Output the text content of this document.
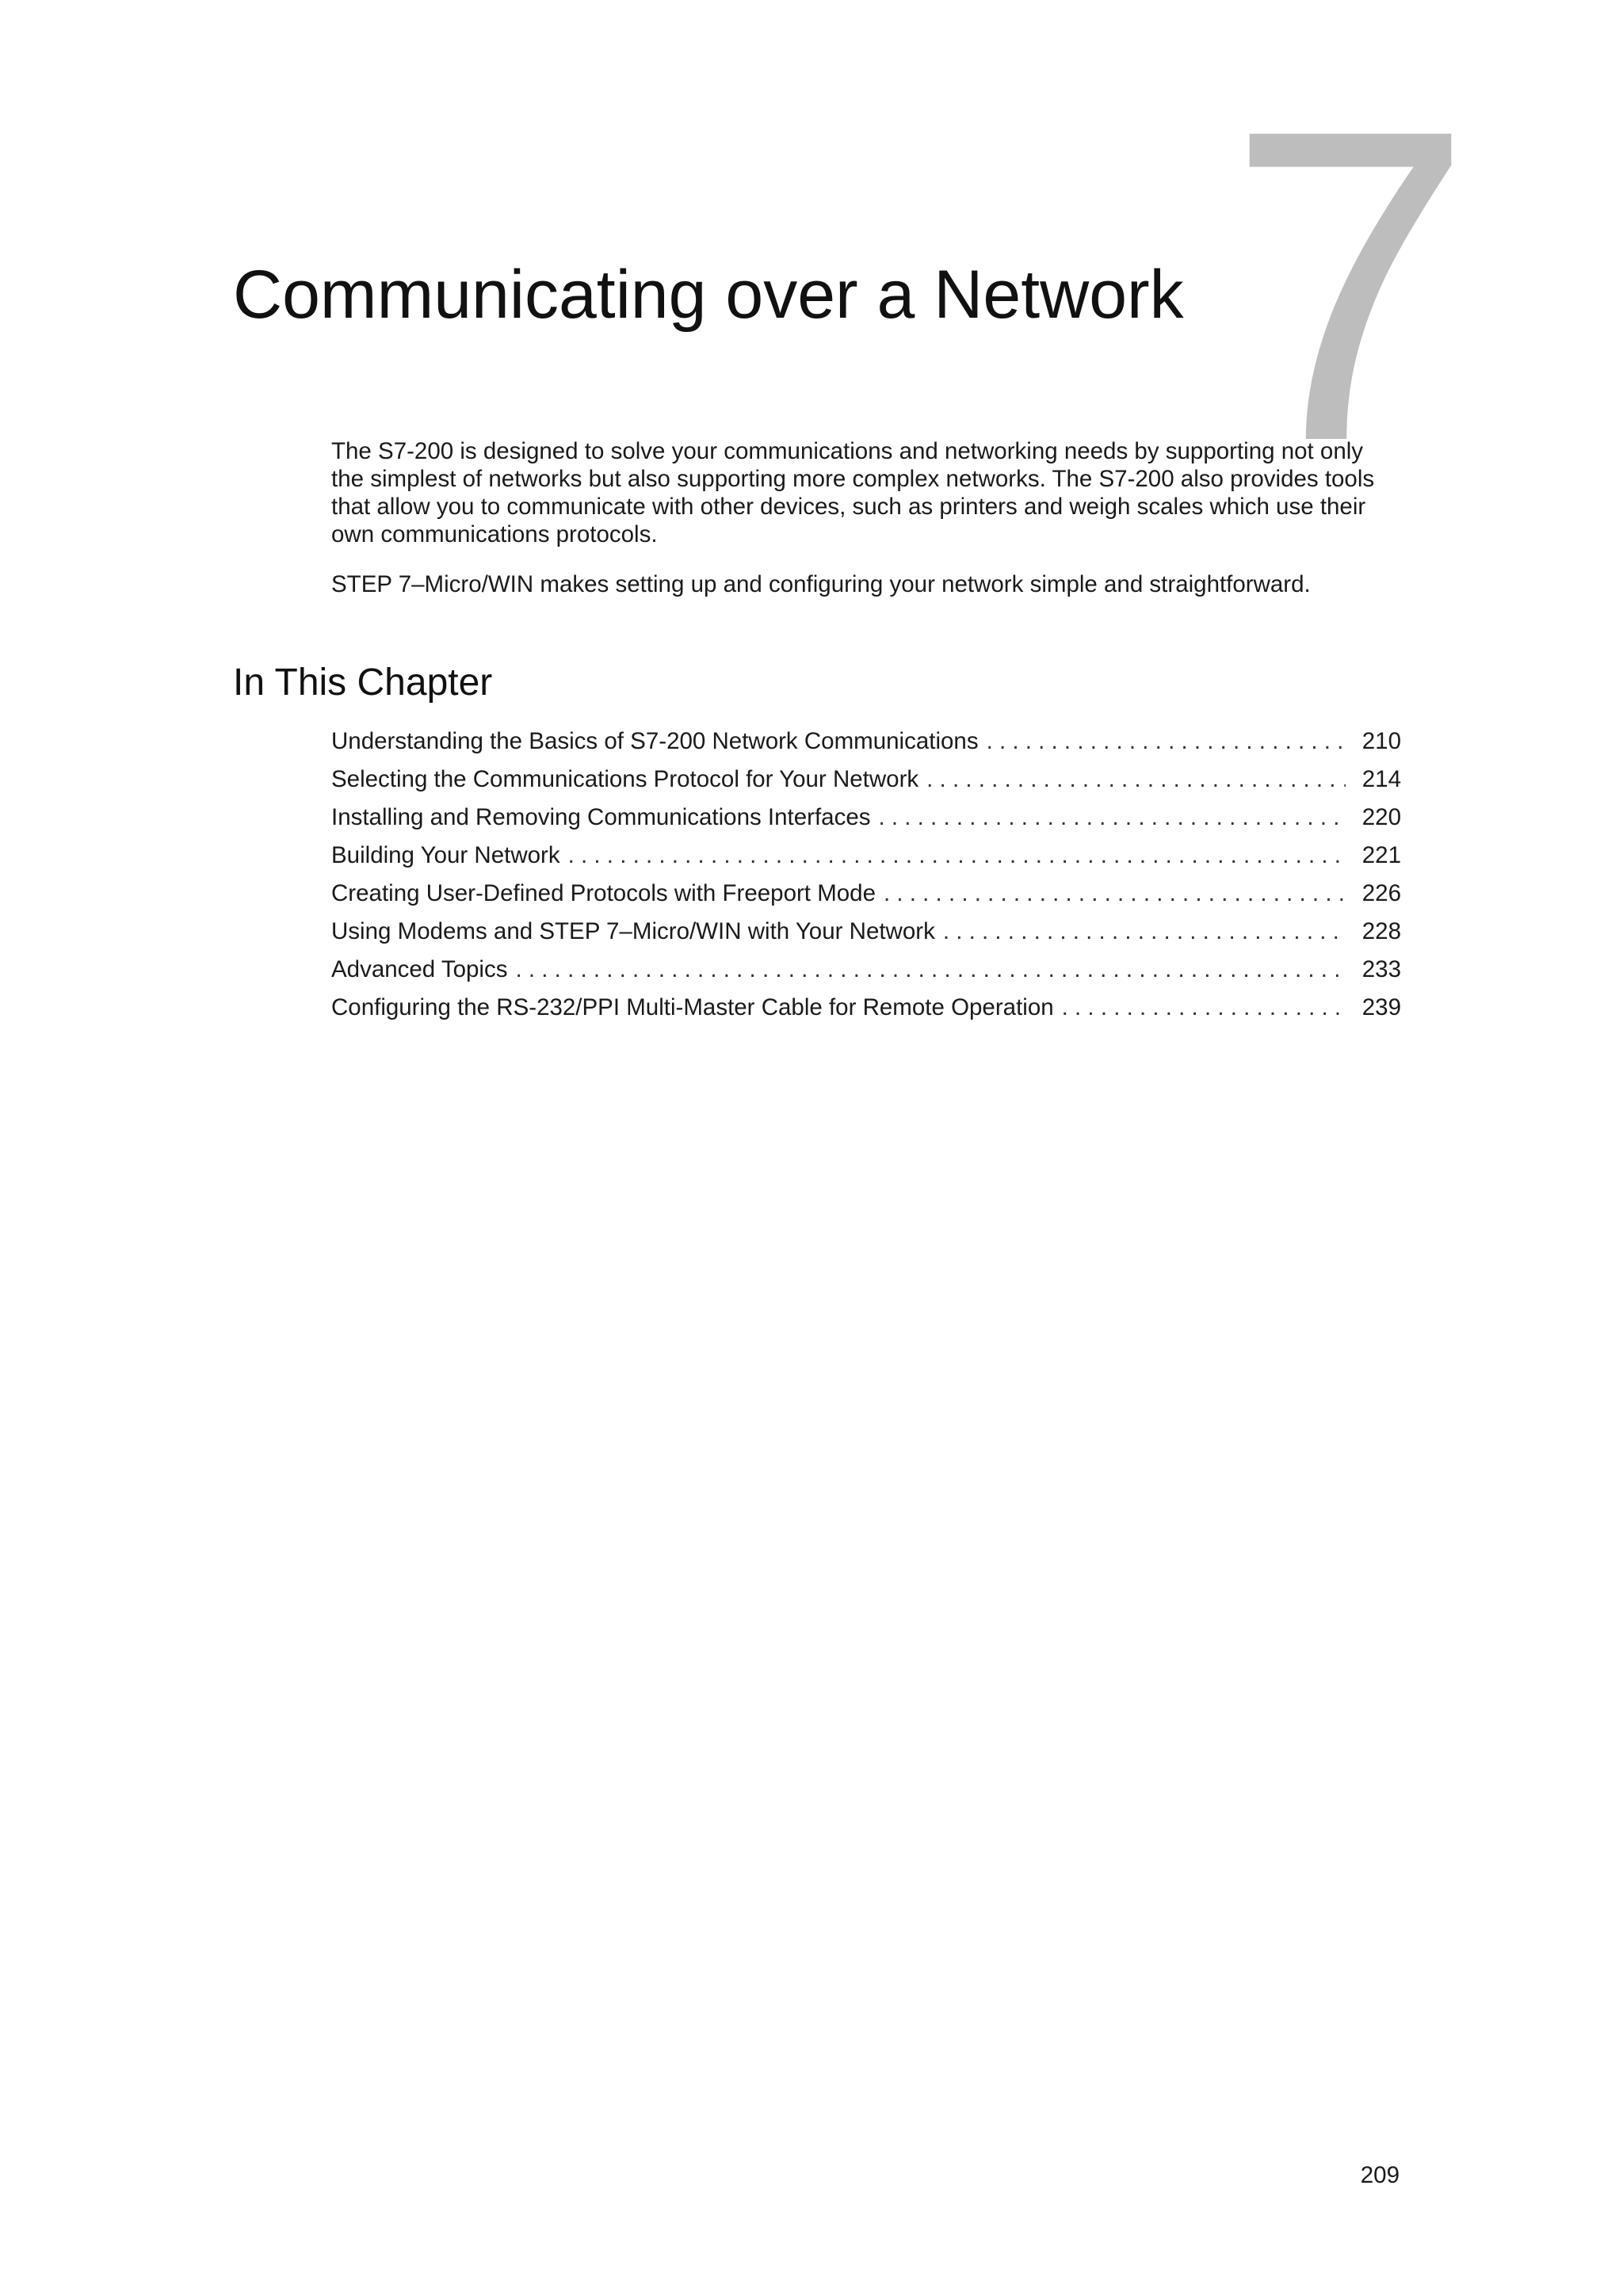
7
Communicating over a Network

The S7-200 is designed to solve your communications and networking needs by supporting not only the simplest of networks but also supporting more complex networks. The S7-200 also provides tools that allow you to communicate with other devices, such as printers and weigh scales which use their own communications protocols.

STEP 7–Micro/WIN makes setting up and configuring your network simple and straightforward.

In This Chapter
Understanding the Basics of S7-200 Network Communications . . .	210
Selecting the Communications Protocol for Your Network . . .	214
Installing and Removing Communications Interfaces . . .	220
Building Your Network . . .	221
Creating User-Defined Protocols with Freeport Mode . . .	226
Using Modems and STEP 7–Micro/WIN with Your Network . . .	228
Advanced Topics . . .	233
Configuring the RS-232/PPI Multi-Master Cable for Remote Operation . . .	239
209
